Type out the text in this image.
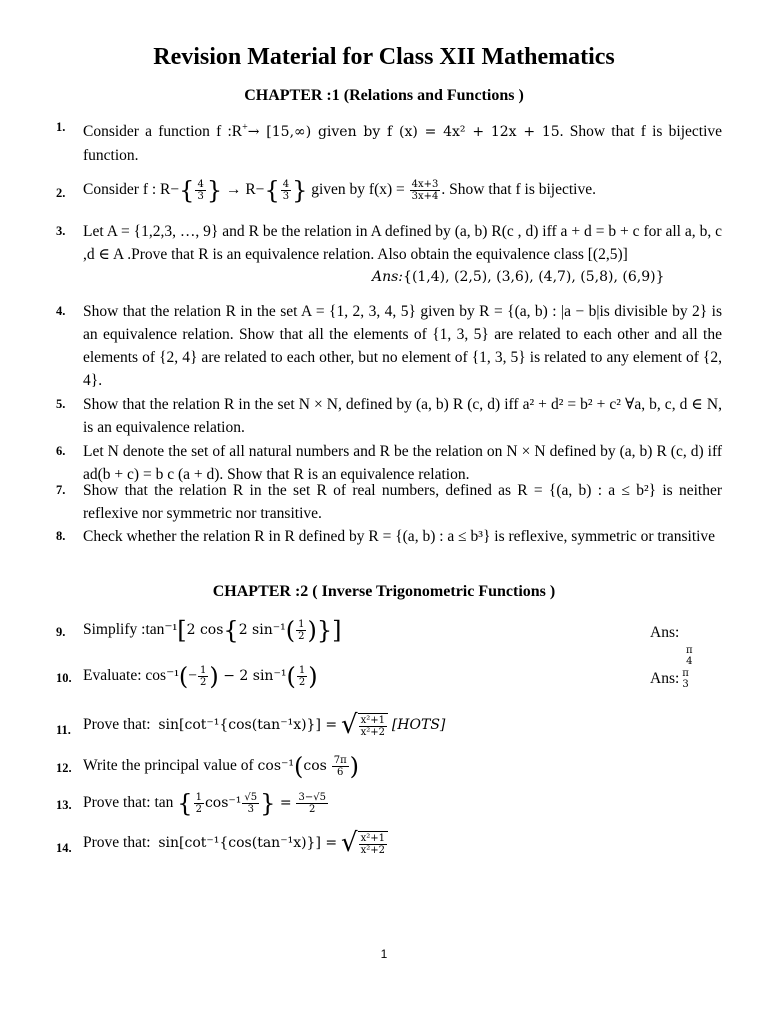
Revision Material for Class XII Mathematics
CHAPTER :1 (Relations and Functions )
1.	Consider a function f :R+→ [15,∞) given by f (x) = 4x² + 12x + 15. Show that f is bijective function.
2.	Consider f : $R-\{ \frac{4}{3}$ } → $R-\{ \frac{4}{3}$ } given by $f(x) = \frac{4x+3}{3x+4}$ . Show that f is bijective.
3.	Let A = {1,2,3, …, 9} and R be the relation in A defined by (a, b) R(c , d) iff a + d = b + c for all a, b, c ,d ∈ A .Prove that R is an equivalence relation. Also obtain the equivalence class [(2,5)]
Ans:{(1,4), (2,5), (3,6), (4,7), (5,8), (6,9)}
4.	Show that the relation R in the set A = {1, 2, 3, 4, 5} given by R = {(a, b) : |a − b|is divisible by 2} is an equivalence relation. Show that all the elements of {1, 3, 5} are related to each other and all the elements of {2, 4} are related to each other, but no element of {1, 3, 5} is related to any element of {2, 4}.
5.	Show that the relation R in the set N × N, defined by (a, b) R (c, d) iff a² + d² = b² + c² ∀a, b, c, d ∈ N, is an equivalence relation.
6.	Let N denote the set of all natural numbers and R be the relation on N × N defined by (a, b) R (c, d) iff ad(b + c) = b c (a + d). Show that R is an equivalence relation.
7.	Show that the relation R in the set R of real numbers, defined as R = {(a, b) : a ≤ b²} is neither reflexive nor symmetric nor transitive.
8.	Check whether the relation R in R defined by R = {(a, b) : a ≤ b³} is reflexive, symmetric or transitive
CHAPTER :2 ( Inverse Trigonometric Functions )
9.	Simplify :tan⁻¹[2 cos{2 $\sin^{-1}( \frac{1}{2}$ )}]	Ans:
π
4
10. Evaluate: $\cos^{-1}(- \frac{1}{2}$ ) − 2 $\sin^{-1}( \frac{1}{2}$ )	Ans: π
3
11. Prove that: sin[cot⁻¹{cos(tan⁻¹x)}] = √ $\frac{\text{x²+1}}{\text{x²+2}}$ [HOTS]
12. Write the principal value of $\cos^{-1}(\cos \frac{7\pi}{6}$ )
13. Prove that: tan { $\frac{1}{2} \cos^{-1} \frac{√5}{3}$ } = $\frac{3-√5}{2}$
14. Prove that: sin[cot⁻¹{cos(tan⁻¹x)}] = √ $\frac{\text{x²+1}}{\text{x²+2}}$
1
